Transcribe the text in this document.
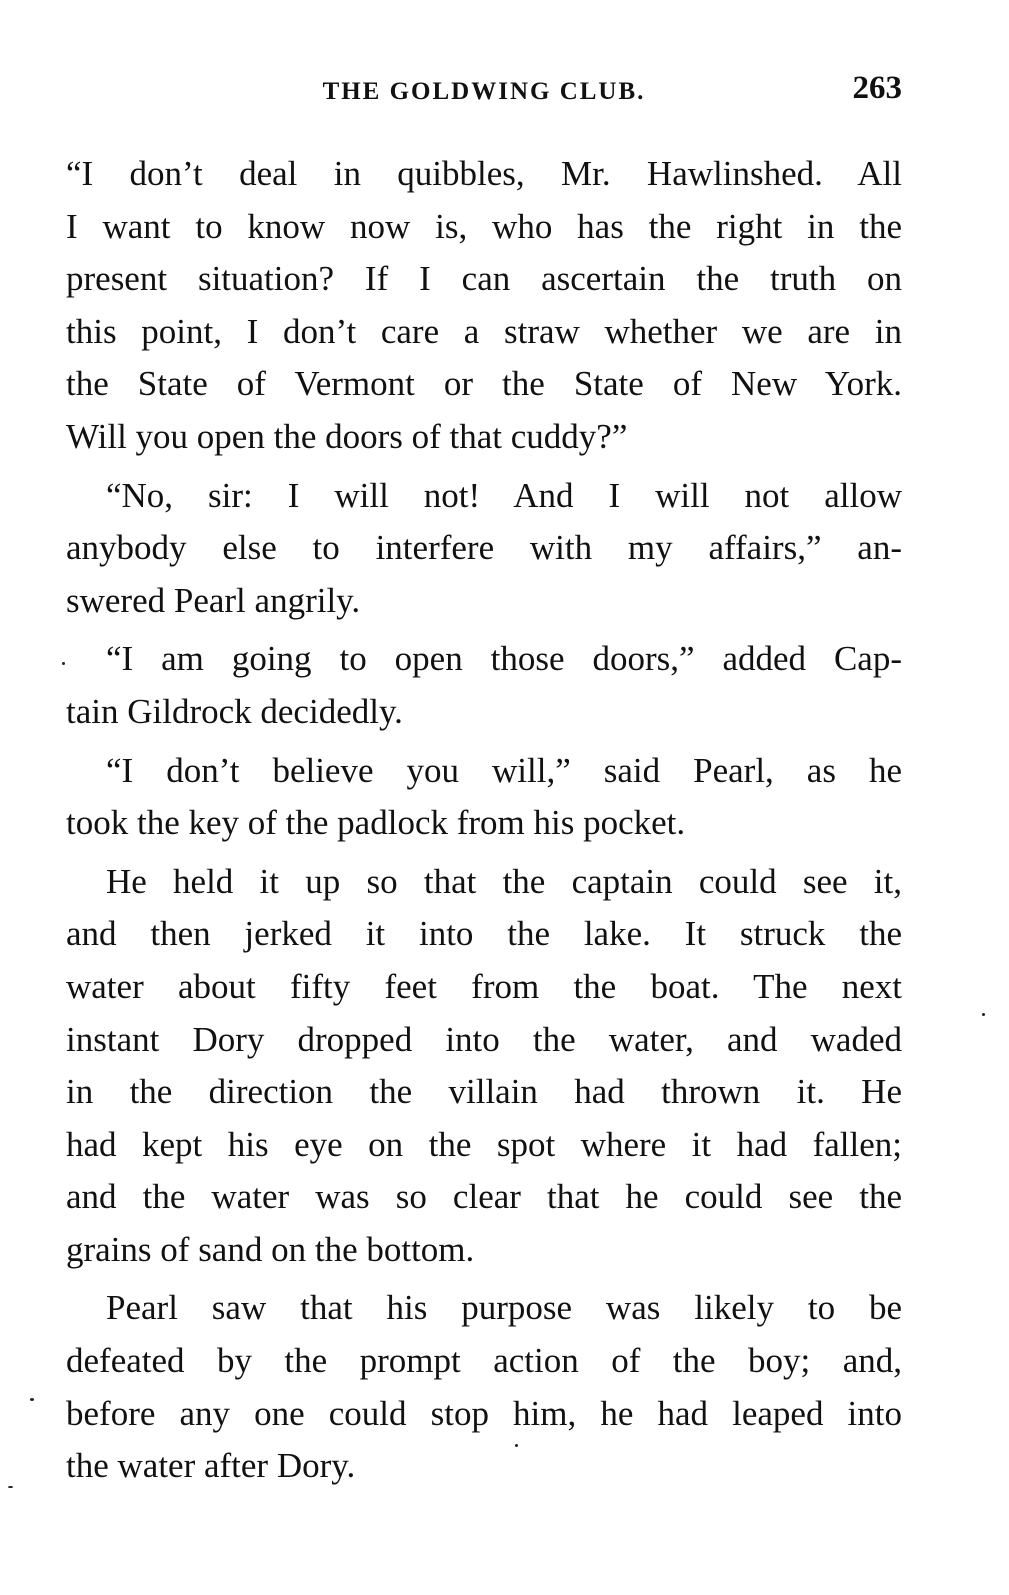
THE GOLDWING CLUB.	263
“I don’t deal in quibbles, Mr. Hawlinshed. All
I want to know now is, who has the right in the
present situation? If I can ascertain the truth on
this point, I don’t care a straw whether we are in
the State of Vermont or the State of New York.
Will you open the doors of that cuddy?”
“No, sir: I will not! And I will not allow
anybody else to interfere with my affairs,” an-
swered Pearl angrily.
“I am going to open those doors,” added Cap-
tain Gildrock decidedly.
“I don’t believe you will,” said Pearl, as he
took the key of the padlock from his pocket.
He held it up so that the captain could see it,
and then jerked it into the lake. It struck the
water about fifty feet from the boat. The next
instant Dory dropped into the water, and waded
in the direction the villain had thrown it. He
had kept his eye on the spot where it had fallen;
and the water was so clear that he could see the
grains of sand on the bottom.
Pearl saw that his purpose was likely to be
defeated by the prompt action of the boy; and,
before any one could stop him, he had leaped into
the water after Dory.
